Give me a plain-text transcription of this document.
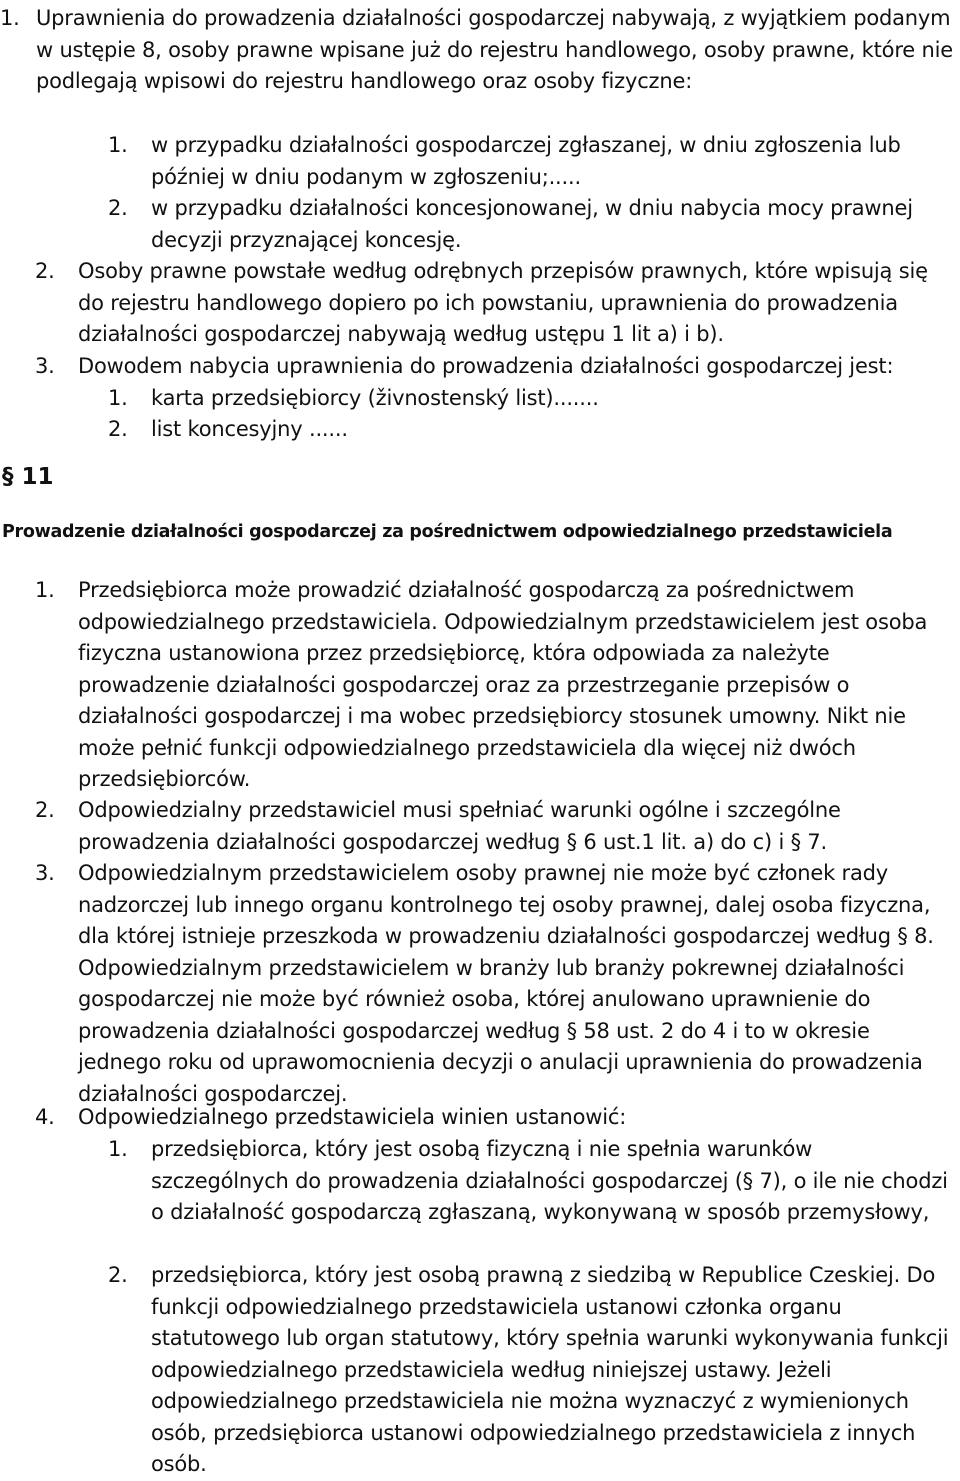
1. Uprawnienia do prowadzenia działalności gospodarczej nabywają, z wyjątkiem podanym w ustępie 8, osoby prawne wpisane już do rejestru handlowego, osoby prawne, które nie podlegają wpisowi do rejestru handlowego oraz osoby fizyczne:
1.	w przypadku działalności gospodarczej zgłaszanej, w dniu zgłoszenia lub później w dniu podanym w zgłoszeniu;.....
2.	w przypadku działalności koncesjonowanej, w dniu nabycia mocy prawnej decyzji przyznającej koncesję.
2.	Osoby prawne powstałe według odrębnych przepisów prawnych, które wpisują się do rejestru handlowego dopiero po ich powstaniu, uprawnienia do prowadzenia działalności gospodarczej nabywają według ustępu 1 lit a) i b).
3.	Dowodem nabycia uprawnienia do prowadzenia działalności gospodarczej jest:
1.	karta przedsiębiorcy (živnostenský list).......
2.	list koncesyjny ......
§ 11
Prowadzenie działalności gospodarczej za pośrednictwem odpowiedzialnego przedstawiciela
1.	Przedsiębiorca może prowadzić działalność gospodarczą za pośrednictwem odpowiedzialnego przedstawiciela. Odpowiedzialnym przedstawicielem jest osoba fizyczna ustanowiona przez przedsiębiorcę, która odpowiada za należyte prowadzenie działalności gospodarczej oraz za przestrzeganie przepisów o działalności gospodarczej i ma wobec przedsiębiorcy stosunek umowny. Nikt nie może pełnić funkcji odpowiedzialnego przedstawiciela dla więcej niż dwóch przedsiębiorców.
2.	Odpowiedzialny przedstawiciel musi spełniać warunki ogólne i szczególne prowadzenia działalności gospodarczej według § 6 ust.1 lit. a) do c) i § 7.
3.	Odpowiedzialnym przedstawicielem osoby prawnej nie może być członek rady nadzorczej lub innego organu kontrolnego tej osoby prawnej, dalej osoba fizyczna, dla której istnieje przeszkoda w prowadzeniu działalności gospodarczej według § 8. Odpowiedzialnym przedstawicielem w branży lub branży pokrewnej działalności gospodarczej nie może być również osoba, której anulowano uprawnienie do prowadzenia działalności gospodarczej według § 58 ust. 2 do 4 i to w okresie jednego roku od uprawomocnienia decyzji o anulacji uprawnienia do prowadzenia działalności gospodarczej.
4.	Odpowiedzialnego przedstawiciela winien ustanowić:
1.	przedsiębiorca, który jest osobą fizyczną i nie spełnia warunków szczególnych do prowadzenia działalności gospodarczej (§ 7), o ile nie chodzi o działalność gospodarczą zgłaszaną, wykonywaną w sposób przemysłowy,
2.	przedsiębiorca, który jest osobą prawną z siedzibą w Republice Czeskiej. Do funkcji odpowiedzialnego przedstawiciela ustanowi członka organu statutowego lub organ statutowy, który spełnia warunki wykonywania funkcji odpowiedzialnego przedstawiciela według niniejszej ustawy. Jeżeli odpowiedzialnego przedstawiciela nie można wyznaczyć z wymienionych osób, przedsiębiorca ustanowi odpowiedzialnego przedstawiciela z innych osób.
